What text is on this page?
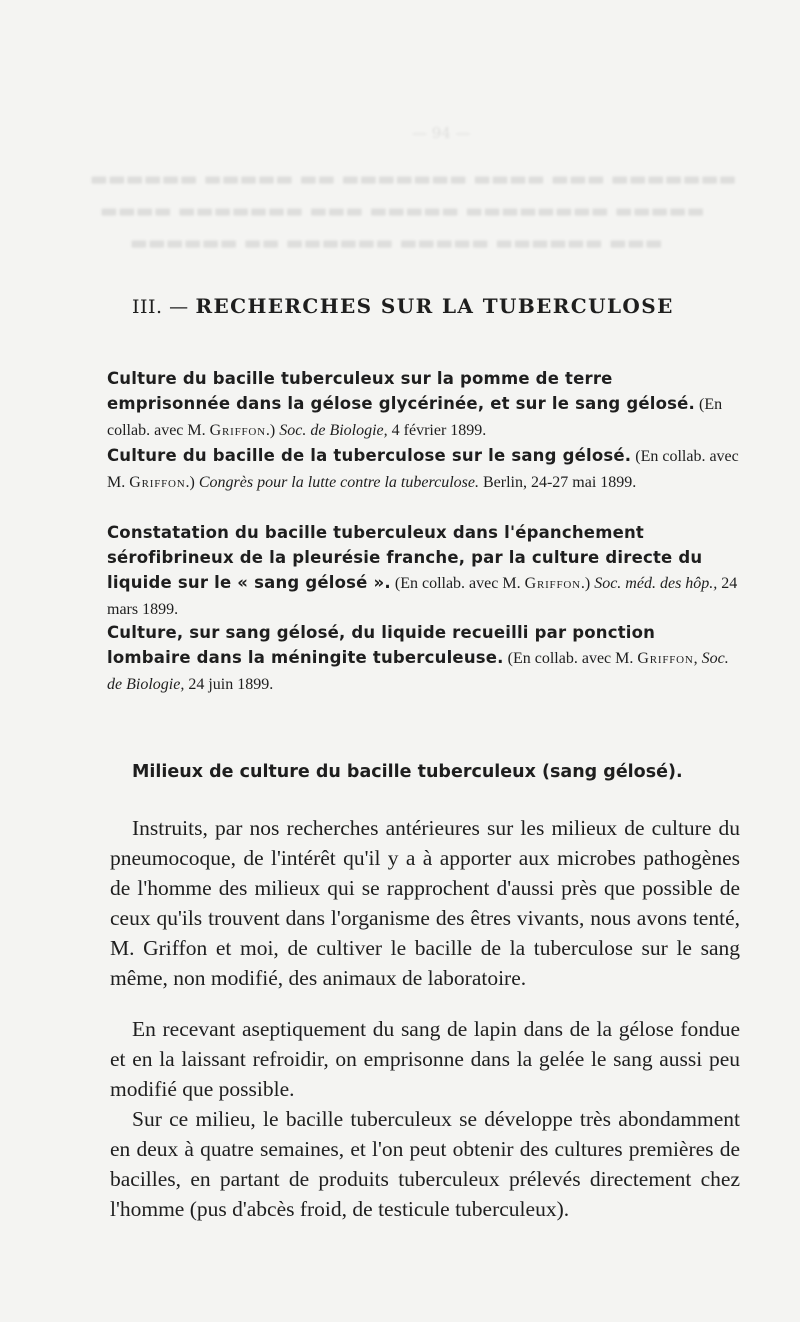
— 94 —
▬▬▬▬▬▬ ▬▬▬▬▬ ▬▬ ▬▬▬▬▬▬▬ ▬▬▬▬ ▬▬▬ ▬▬▬▬▬▬▬
▬▬▬▬ ▬▬▬▬▬▬▬ ▬▬▬ ▬▬▬▬▬ ▬▬▬▬▬▬▬▬ ▬▬▬▬▬
▬▬▬▬▬▬ ▬▬ ▬▬▬▬▬▬ ▬▬▬▬▬ ▬▬▬▬▬▬ ▬▬▬
III. — RECHERCHES SUR LA TUBERCULOSE
Culture du bacille tuberculeux sur la pomme de terre emprisonnée dans la gélose glycérinée, et sur le sang gélosé. (En collab. avec M. Griffon.) Soc. de Biologie, 4 février 1899.
Culture du bacille de la tuberculose sur le sang gélosé. (En collab. avec M. Griffon.) Congrès pour la lutte contre la tuberculose. Berlin, 24-27 mai 1899.
Constatation du bacille tuberculeux dans l'épanchement sérofibrineux de la pleurésie franche, par la culture directe du liquide sur le « sang gélosé ». (En collab. avec M. Griffon.) Soc. méd. des hôp., 24 mars 1899.
Culture, sur sang gélosé, du liquide recueilli par ponction lombaire dans la méningite tuberculeuse. (En collab. avec M. Griffon, Soc. de Biologie, 24 juin 1899.
Milieux de culture du bacille tuberculeux (sang gélosé).

Instruits, par nos recherches antérieures sur les milieux de culture du pneumocoque, de l'intérêt qu'il y a à apporter aux microbes pathogènes de l'homme des milieux qui se rapprochent d'aussi près que possible de ceux qu'ils trouvent dans l'organisme des êtres vivants, nous avons tenté, M. Griffon et moi, de cultiver le bacille de la tuberculose sur le sang même, non modifié, des animaux de laboratoire.

En recevant aseptiquement du sang de lapin dans de la gélose fondue et en la laissant refroidir, on emprisonne dans la gelée le sang aussi peu modifié que possible.

Sur ce milieu, le bacille tuberculeux se développe très abondamment en deux à quatre semaines, et l'on peut obtenir des cultures premières de bacilles, en partant de produits tuberculeux prélevés directement chez l'homme (pus d'abcès froid, de testicule tuberculeux).
